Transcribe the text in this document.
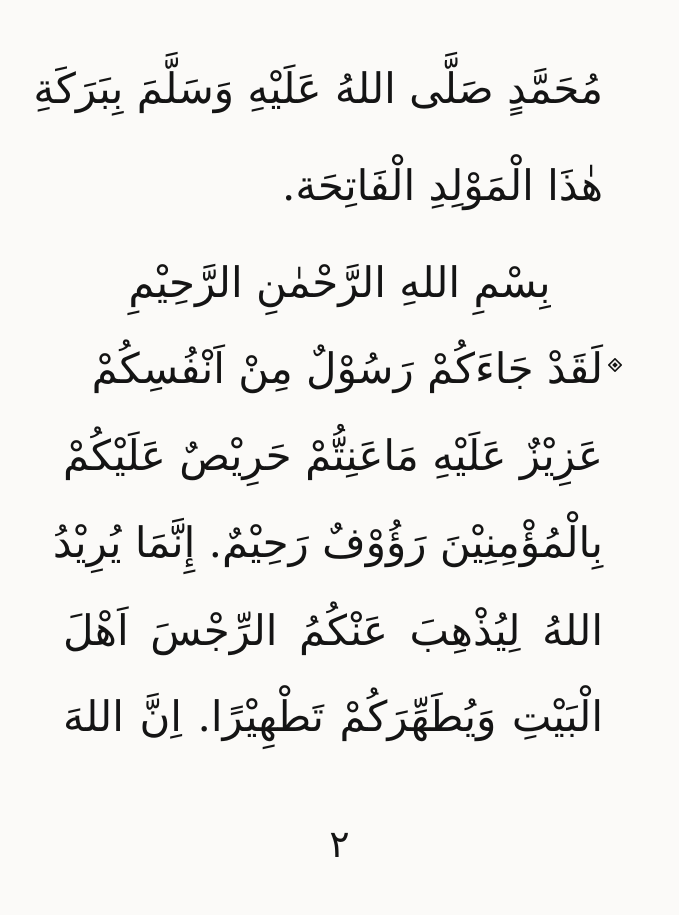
مُحَمَّدٍ صَلَّى اللهُ عَلَيْهِ وَسَلَّمَ بِبَرَكَةِ
هٰذَا الْمَوْلِدِ الْفَاتِحَة.
بِسْمِ اللهِ الرَّحْمٰنِ الرَّحِيْمِ
لَقَدْ جَاءَكُمْ رَسُوْلٌ مِنْ اَنْفُسِكُمْ
عَزِيْزٌ عَلَيْهِ مَاعَنِتُّمْ حَرِيْصٌ عَلَيْكُمْ
بِالْمُؤْمِنِيْنَ رَؤُوْفٌ رَحِيْمٌ. إِنَّمَا يُرِيْدُ
اللهُ لِيُذْهِبَ عَنْكُمُ الرِّجْسَ اَهْلَ
الْبَيْتِ وَيُطَهِّرَكُمْ تَطْهِيْرًا. اِنَّ اللهَ
٢
